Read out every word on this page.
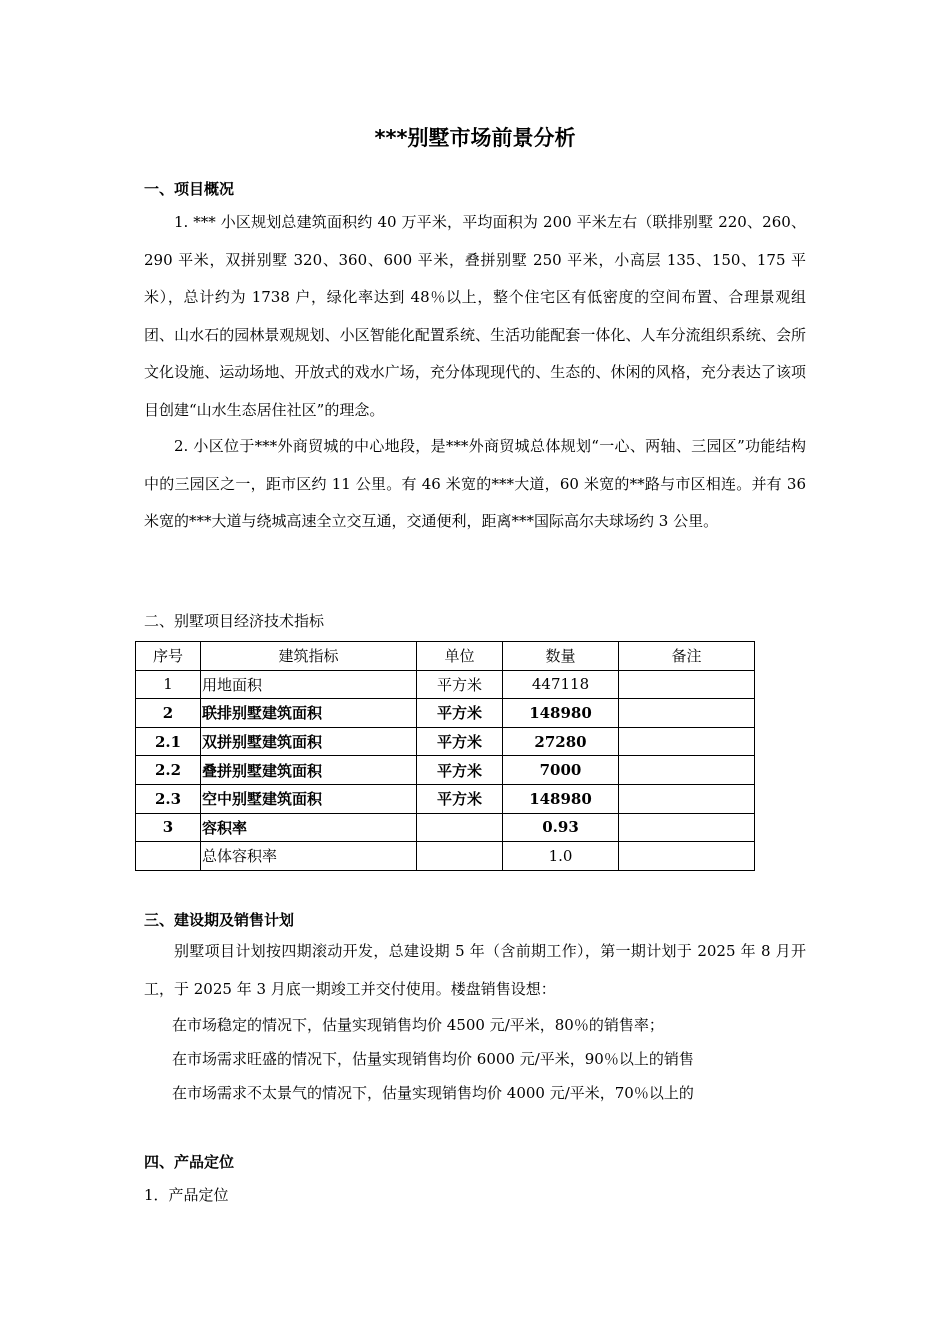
***别墅市场前景分析
一、项目概况

1. *** 小区规划总建筑面积约 40 万平米，平均面积为 200 平米左右（联排别墅 220、260、290 平米，双拼别墅 320、360、600 平米，叠拼别墅 250 平米，小高层 135、150、175 平米），总计约为 1738 户，绿化率达到 48％以上，整个住宅区有低密度的空间布置、合理景观组团、山水石的园林景观规划、小区智能化配置系统、生活功能配套一体化、人车分流组织系统、会所文化设施、运动场地、开放式的戏水广场，充分体现现代的、生态的、休闲的风格，充分表达了该项目创建“山水生态居住社区”的理念。

2. 小区位于***外商贸城的中心地段，是***外商贸城总体规划“一心、两轴、三园区”功能结构中的三园区之一，距市区约 11 公里。有 46 米宽的***大道，60 米宽的**路与市区相连。并有 36 米宽的***大道与绕城高速全立交互通，交通便利，距离***国际高尔夫球场约 3 公里。

二、别墅项目经济技术指标
序号	建筑指标	单位	数量	备注
1	用地面积	平方米	447118	
2	联排别墅建筑面积	平方米	148980	
2.1	双拼别墅建筑面积	平方米	27280	
2.2	叠拼别墅建筑面积	平方米	7000	
2.3	空中别墅建筑面积	平方米	148980	
3	容积率		0.93	
	总体容积率		1.0	
三、建设期及销售计划

别墅项目计划按四期滚动开发，总建设期 5 年（含前期工作），第一期计划于 2025 年 8 月开工，于 2025 年 3 月底一期竣工并交付使用。楼盘销售设想：

在市场稳定的情况下，估量实现销售均价 4500 元/平米，80％的销售率；
在市场需求旺盛的情况下，估量实现销售均价 6000 元/平米，90％以上的销售
在市场需求不太景气的情况下，估量实现销售均价 4000 元/平米，70％以上的
四、产品定位
1．产品定位
